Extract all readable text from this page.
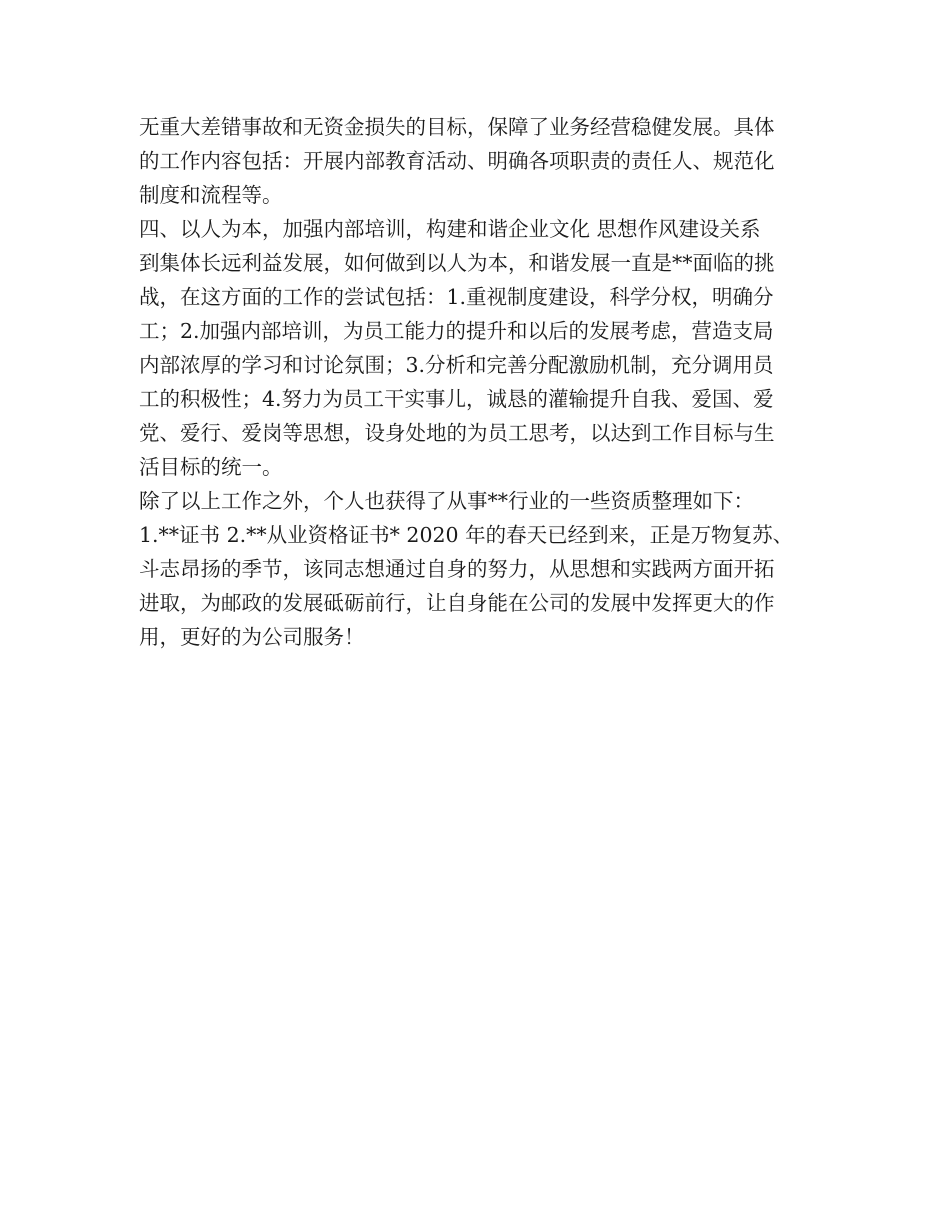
无重大差错事故和无资金损失的目标，保障了业务经营稳健发展。具体
的工作内容包括：开展内部教育活动、明确各项职责的责任人、规范化
制度和流程等。
四、以人为本，加强内部培训，构建和谐企业文化 思想作风建设关系
到集体长远利益发展，如何做到以人为本，和谐发展一直是**面临的挑
战，在这方面的工作的尝试包括：1.重视制度建设，科学分权，明确分
工；2.加强内部培训，为员工能力的提升和以后的发展考虑，营造支局
内部浓厚的学习和讨论氛围；3.分析和完善分配激励机制，充分调用员
工的积极性；4.努力为员工干实事儿，诚恳的灌输提升自我、爱国、爱
党、爱行、爱岗等思想，设身处地的为员工思考，以达到工作目标与生
活目标的统一。
除了以上工作之外，个人也获得了从事**行业的一些资质整理如下：
1.**证书 2.**从业资格证书* 2020 年的春天已经到来，正是万物复苏、
斗志昂扬的季节，该同志想通过自身的努力，从思想和实践两方面开拓
进取，为邮政的发展砥砺前行，让自身能在公司的发展中发挥更大的作
用，更好的为公司服务！
